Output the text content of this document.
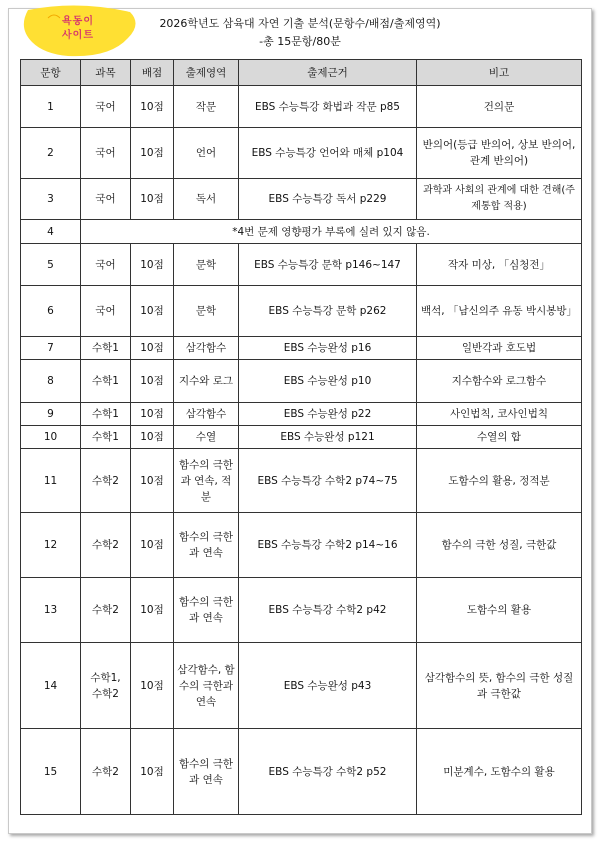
욕동이
사이트
2026학년도 삼육대 자연 기출 분석(문항수/배점/출제영역)
-총 15문항/80분
문항	과목	배점	출제영역	출제근거	비고
1	국어	10점	작문	EBS 수능특강 화법과 작문 p85	건의문
2	국어	10점	언어	EBS 수능특강 언어와 매체 p104	반의어(등급 반의어, 상보 반의어, 관계 반의어)
3	국어	10점	독서	EBS 수능특강 독서 p229	과학과 사회의 관계에 대한 견해(주제통합 적용)
4	*4번 문제 영향평가 부록에 실려 있지 않음.				
5	국어	10점	문학	EBS 수능특강 문학 p146~147	작자 미상, 「심청전」
6	국어	10점	문학	EBS 수능특강 문학 p262	백석, 「남신의주 유동 박시봉방」
7	수학1	10점	삼각함수	EBS 수능완성 p16	일반각과 호도법
8	수학1	10점	지수와 로그	EBS 수능완성 p10	지수함수와 로그함수
9	수학1	10점	삼각함수	EBS 수능완성 p22	사인법칙, 코사인법칙
10	수학1	10점	수열	EBS 수능완성 p121	수열의 합
11	수학2	10점	함수의 극한과 연속, 적분	EBS 수능특강 수학2 p74~75	도함수의 활용, 정적분
12	수학2	10점	함수의 극한과 연속	EBS 수능특강 수학2 p14~16	함수의 극한 성질, 극한값
13	수학2	10점	함수의 극한과 연속	EBS 수능특강 수학2 p42	도함수의 활용
14	수학1, 수학2	10점	삼각함수, 함수의 극한과 연속	EBS 수능완성 p43	삼각함수의 뜻, 함수의 극한 성질과 극한값
15	수학2	10점	함수의 극한과 연속	EBS 수능특강 수학2 p52	미분계수, 도함수의 활용
